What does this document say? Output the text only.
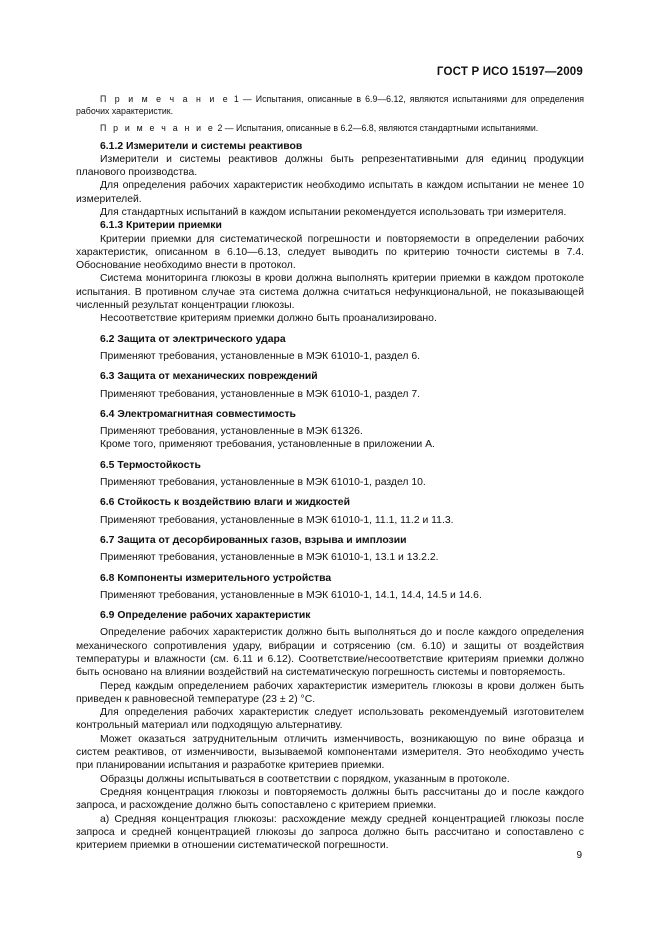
ГОСТ Р ИСО 15197—2009

П р и м е ч а н и е 1 — Испытания, описанные в 6.9—6.12, являются испытаниями для определения рабочих характеристик.

П р и м е ч а н и е 2 — Испытания, описанные в 6.2—6.8, являются стандартными испытаниями.

6.1.2 Измерители и системы реактивов

Измерители и системы реактивов должны быть репрезентативными для единиц продукции планового производства.

Для определения рабочих характеристик необходимо испытать в каждом испытании не менее 10 измерителей.

Для стандартных испытаний в каждом испытании рекомендуется использовать три измерителя.

6.1.3 Критерии приемки

Критерии приемки для систематической погрешности и повторяемости в определении рабочих характеристик, описанном в 6.10—6.13, следует выводить по критерию точности системы в 7.4. Обоснование необходимо внести в протокол.

Система мониторинга глюкозы в крови должна выполнять критерии приемки в каждом протоколе испытания. В противном случае эта система должна считаться нефункциональной, не показывающей численный результат концентрации глюкозы.

Несоответствие критериям приемки должно быть проанализировано.

6.2 Защита от электрического удара

Применяют требования, установленные в МЭК 61010-1, раздел 6.

6.3 Защита от механических повреждений

Применяют требования, установленные в МЭК 61010-1, раздел 7.

6.4 Электромагнитная совместимость

Применяют требования, установленные в МЭК 61326.

Кроме того, применяют требования, установленные в приложении А.

6.5 Термостойкость

Применяют требования, установленные в МЭК 61010-1, раздел 10.

6.6 Стойкость к воздействию влаги и жидкостей

Применяют требования, установленные в МЭК 61010-1, 11.1, 11.2 и 11.3.

6.7 Защита от десорбированных газов, взрыва и имплозии

Применяют требования, установленные в МЭК 61010-1, 13.1 и 13.2.2.

6.8 Компоненты измерительного устройства

Применяют требования, установленные в МЭК 61010-1, 14.1, 14.4, 14.5 и 14.6.

6.9 Определение рабочих характеристик

Определение рабочих характеристик должно быть выполняться до и после каждого определения механического сопротивления удару, вибрации и сотрясению (см. 6.10) и защиты от воздействия температуры и влажности (см. 6.11 и 6.12). Соответствие/несоответствие критериям приемки должно быть основано на влиянии воздействий на систематическую погрешность системы и повторяемость.

Перед каждым определением рабочих характеристик измеритель глюкозы в крови должен быть приведен к равновесной температуре (23 ± 2) °C.

Для определения рабочих характеристик следует использовать рекомендуемый изготовителем контрольный материал или подходящую альтернативу.

Может оказаться затруднительным отличить изменчивость, возникающую по вине образца и систем реактивов, от изменчивости, вызываемой компонентами измерителя. Это необходимо учесть при планировании испытания и разработке критериев приемки.

Образцы должны испытываться в соответствии с порядком, указанным в протоколе.

Средняя концентрация глюкозы и повторяемость должны быть рассчитаны до и после каждого запроса, и расхождение должно быть сопоставлено с критерием приемки.

а) Средняя концентрация глюкозы: расхождение между средней концентрацией глюкозы после запроса и средней концентрацией глюкозы до запроса должно быть рассчитано и сопоставлено с критерием приемки в отношении систематической погрешности.

9
